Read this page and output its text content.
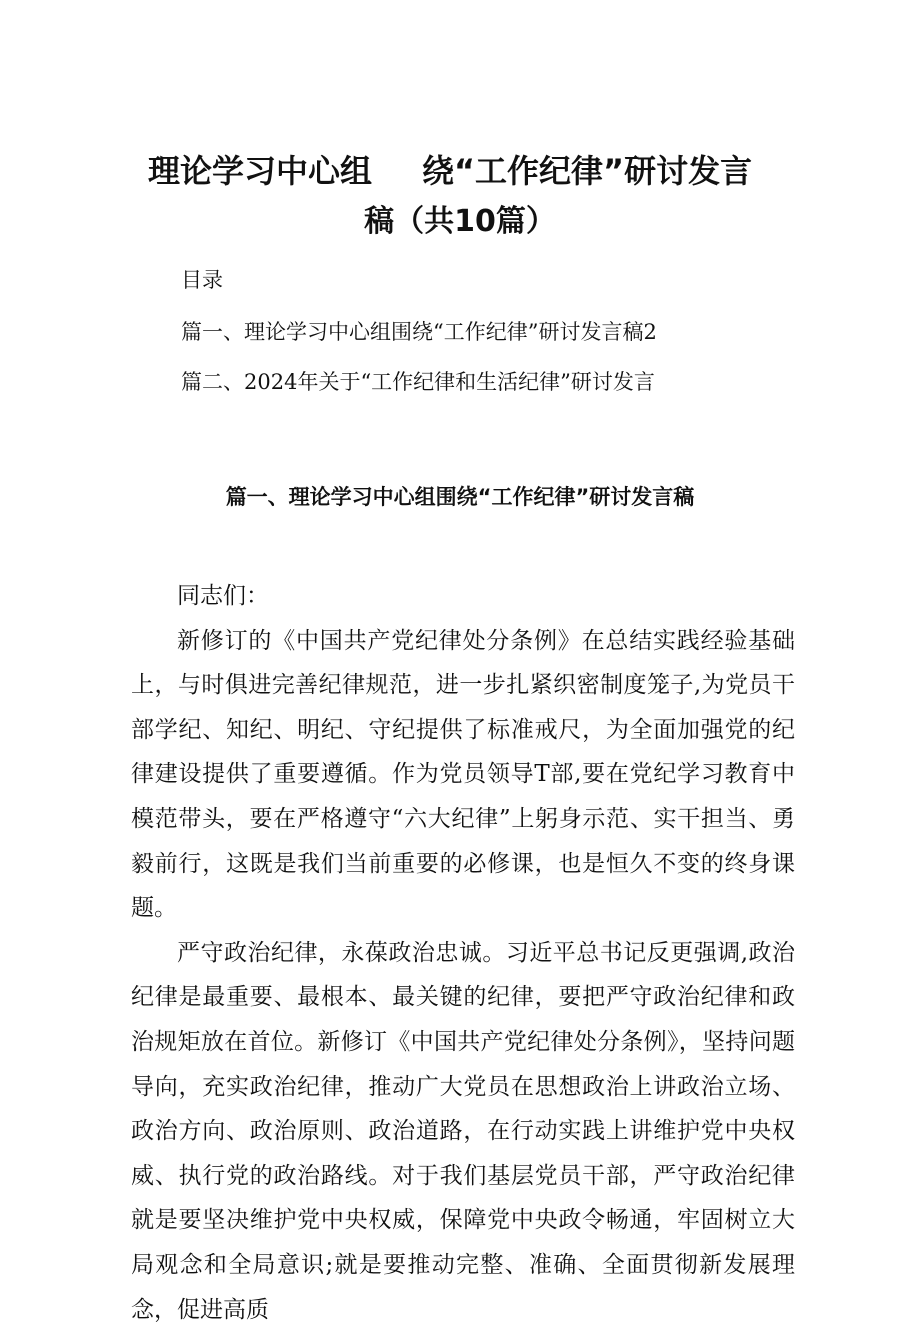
理论学习中心组 绕“工作纪律”研讨发言
稿（共10篇）
目录
篇一、理论学习中心组围绕“工作纪律”研讨发言稿2
篇二、2024年关于“工作纪律和生活纪律”研讨发言
篇一、理论学习中心组围绕“工作纪律”研讨发言稿

同志们：

新修订的《中国共产党纪律处分条例》在总结实践经验基础上，与时俱进完善纪律规范，进一步扎紧织密制度笼子,为党员干部学纪、知纪、明纪、守纪提供了标准戒尺，为全面加强党的纪律建设提供了重要遵循。作为党员领导T部,要在党纪学习教育中模范带头，要在严格遵守“六大纪律”上躬身示范、实干担当、勇毅前行，这既是我们当前重要的必修课，也是恒久不变的终身课题。

严守政治纪律，永葆政治忠诚。习近平总书记反更强调,政治纪律是最重要、最根本、最关键的纪律，要把严守政治纪律和政治规矩放在首位。新修订《中国共产党纪律处分条例》，坚持问题导向，充实政治纪律，推动广大党员在思想政治上讲政治立场、政治方向、政治原则、政治道路，在行动实践上讲维护党中央权威、执行党的政治路线。对于我们基层党员干部，严守政治纪律就是要坚决维护党中央权威，保障党中央政令畅通，牢固树立大局观念和全局意识;就是要推动完整、准确、全面贯彻新发展理念，促进高质
